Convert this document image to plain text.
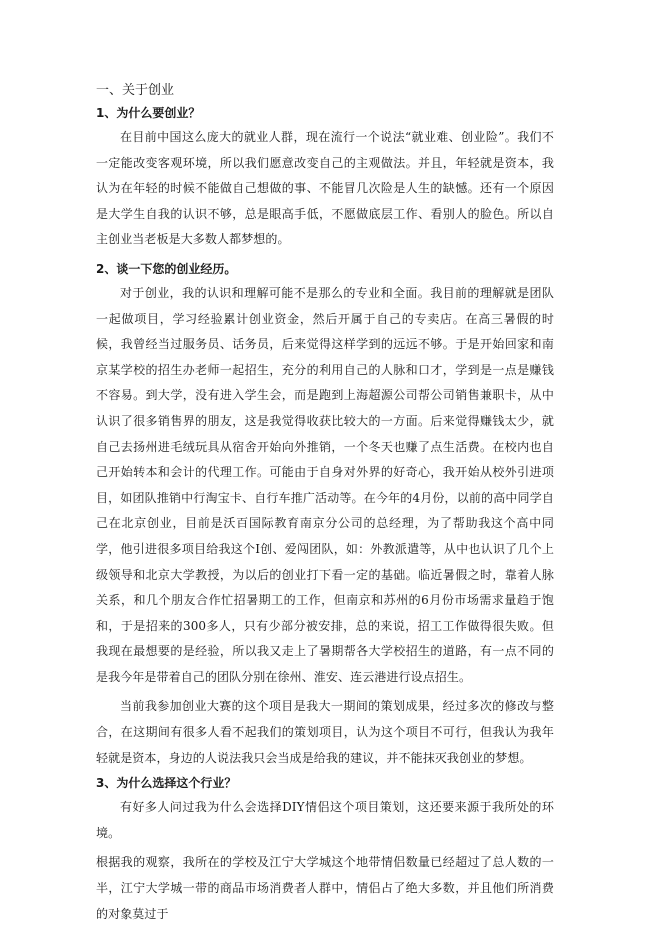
一、关于创业
1、为什么要创业？

在目前中国这么庞大的就业人群，现在流行一个说法“就业难、创业险”。我们不一定能改变客观环境，所以我们愿意改变自己的主观做法。并且，年轻就是资本，我认为在年轻的时候不能做自己想做的事、不能冒几次险是人生的缺憾。还有一个原因是大学生自我的认识不够，总是眼高手低，不愿做底层工作、看别人的脸色。所以自主创业当老板是大多数人都梦想的。

2、谈一下您的创业经历。

对于创业，我的认识和理解可能不是那么的专业和全面。我目前的理解就是团队一起做项目，学习经验累计创业资金，然后开属于自己的专卖店。在高三暑假的时候，我曾经当过服务员、话务员，后来觉得这样学到的远远不够。于是开始回家和南京某学校的招生办老师一起招生，充分的利用自己的人脉和口才，学到是一点是赚钱不容易。到大学，没有进入学生会，而是跑到上海超源公司帮公司销售兼职卡，从中认识了很多销售界的朋友，这是我觉得收获比较大的一方面。后来觉得赚钱太少，就自己去扬州进毛绒玩具从宿舍开始向外推销，一个冬天也赚了点生活费。在校内也自己开始转本和会计的代理工作。可能由于自身对外界的好奇心，我开始从校外引进项目，如团队推销中行淘宝卡、自行车推广活动等。在今年的4月份，以前的高中同学自己在北京创业，目前是沃百国际教育南京分公司的总经理，为了帮助我这个高中同学，他引进很多项目给我这个I创、爱闯团队，如：外教派遣等，从中也认识了几个上级领导和北京大学教授，为以后的创业打下看一定的基础。临近暑假之时，靠着人脉关系，和几个朋友合作忙招暑期工的工作，但南京和苏州的6月份市场需求量趋于饱和，于是招来的300多人，只有少部分被安排，总的来说，招工工作做得很失败。但我现在最想要的是经验，所以我又走上了暑期帮各大学校招生的道路，有一点不同的是我今年是带着自己的团队分别在徐州、淮安、连云港进行设点招生。

当前我参加创业大赛的这个项目是我大一期间的策划成果，经过多次的修改与整合，在这期间有很多人看不起我们的策划项目，认为这个项目不可行，但我认为我年轻就是资本，身边的人说法我只会当成是给我的建议，并不能抹灭我创业的梦想。

3、为什么选择这个行业？

有好多人问过我为什么会选择DIY情侣这个项目策划，这还要来源于我所处的环境。

根据我的观察，我所在的学校及江宁大学城这个地带情侣数量已经超过了总人数的一半，江宁大学城一带的商品市场消费者人群中，情侣占了绝大多数，并且他们所消费的对象莫过于
